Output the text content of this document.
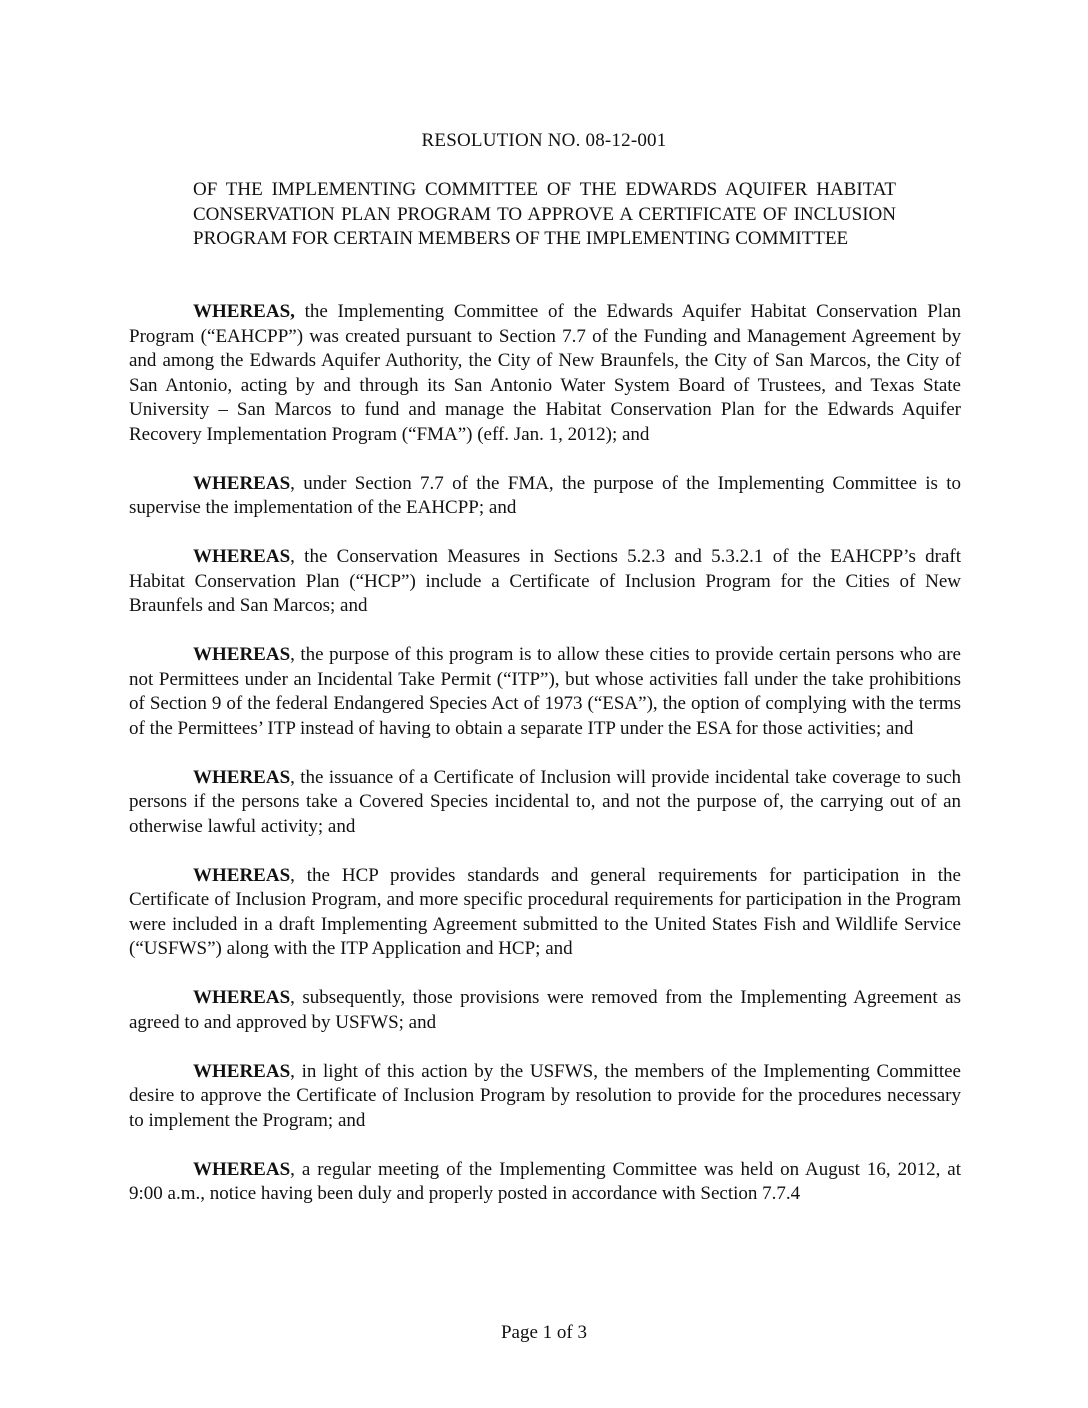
RESOLUTION NO. 08-12-001
OF THE IMPLEMENTING COMMITTEE OF THE EDWARDS AQUIFER HABITAT CONSERVATION PLAN PROGRAM TO APPROVE A CERTIFICATE OF INCLUSION PROGRAM FOR CERTAIN MEMBERS OF THE IMPLEMENTING COMMITTEE

WHEREAS, the Implementing Committee of the Edwards Aquifer Habitat Conservation Plan Program (“EAHCPP”) was created pursuant to Section 7.7 of the Funding and Management Agreement by and among the Edwards Aquifer Authority, the City of New Braunfels, the City of San Marcos, the City of San Antonio, acting by and through its San Antonio Water System Board of Trustees, and Texas State University – San Marcos to fund and manage the Habitat Conservation Plan for the Edwards Aquifer Recovery Implementation Program (“FMA”) (eff. Jan. 1, 2012); and

WHEREAS, under Section 7.7 of the FMA, the purpose of the Implementing Committee is to supervise the implementation of the EAHCPP; and

WHEREAS, the Conservation Measures in Sections 5.2.3 and 5.3.2.1 of the EAHCPP’s draft Habitat Conservation Plan (“HCP”) include a Certificate of Inclusion Program for the Cities of New Braunfels and San Marcos; and

WHEREAS, the purpose of this program is to allow these cities to provide certain persons who are not Permittees under an Incidental Take Permit (“ITP”), but whose activities fall under the take prohibitions of Section 9 of the federal Endangered Species Act of 1973 (“ESA”), the option of complying with the terms of the Permittees’ ITP instead of having to obtain a separate ITP under the ESA for those activities; and

WHEREAS, the issuance of a Certificate of Inclusion will provide incidental take coverage to such persons if the persons take a Covered Species incidental to, and not the purpose of, the carrying out of an otherwise lawful activity; and

WHEREAS, the HCP provides standards and general requirements for participation in the Certificate of Inclusion Program, and more specific procedural requirements for participation in the Program were included in a draft Implementing Agreement submitted to the United States Fish and Wildlife Service (“USFWS”) along with the ITP Application and HCP; and

WHEREAS, subsequently, those provisions were removed from the Implementing Agreement as agreed to and approved by USFWS; and

WHEREAS, in light of this action by the USFWS, the members of the Implementing Committee desire to approve the Certificate of Inclusion Program by resolution to provide for the procedures necessary to implement the Program; and

WHEREAS, a regular meeting of the Implementing Committee was held on August 16, 2012, at 9:00 a.m., notice having been duly and properly posted in accordance with Section 7.7.4

Page 1 of 3
